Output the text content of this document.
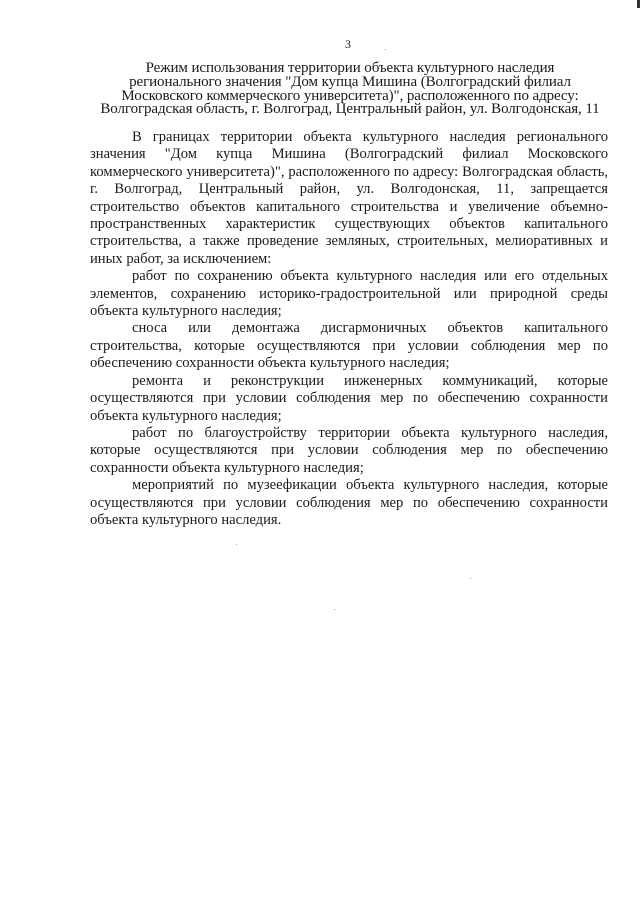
3
Режим использования территории объекта культурного наследия
регионального значения "Дом купца Мишина (Волгоградский филиал
Московского коммерческого университета)", расположенного по адресу:
Волгоградская область, г. Волгоград, Центральный район, ул. Волгодонская, 11

В границах территории объекта культурного наследия регионального значения "Дом купца Мишина (Волгоградский филиал Московского коммерческого университета)", расположенного по адресу: Волгоградская область, г. Волгоград, Центральный район, ул. Волгодонская, 11, запрещается строительство объектов капитального строительства и увеличение объемно-пространственных характеристик существующих объектов капитального строительства, а также проведение земляных, строительных, мелиоративных и иных работ, за исключением:

работ по сохранению объекта культурного наследия или его отдельных элементов, сохранению историко-градостроительной или природной среды объекта культурного наследия;

сноса или демонтажа дисгармоничных объектов капитального строительства, которые осуществляются при условии соблюдения мер по обеспечению сохранности объекта культурного наследия;

ремонта и реконструкции инженерных коммуникаций, которые осуществляются при условии соблюдения мер по обеспечению сохранности объекта культурного наследия;

работ по благоустройству территории объекта культурного наследия, которые осуществляются при условии соблюдения мер по обеспечению сохранности объекта культурного наследия;

мероприятий по музеефикации объекта культурного наследия, которые осуществляются при условии соблюдения мер по обеспечению сохранности объекта культурного наследия.
